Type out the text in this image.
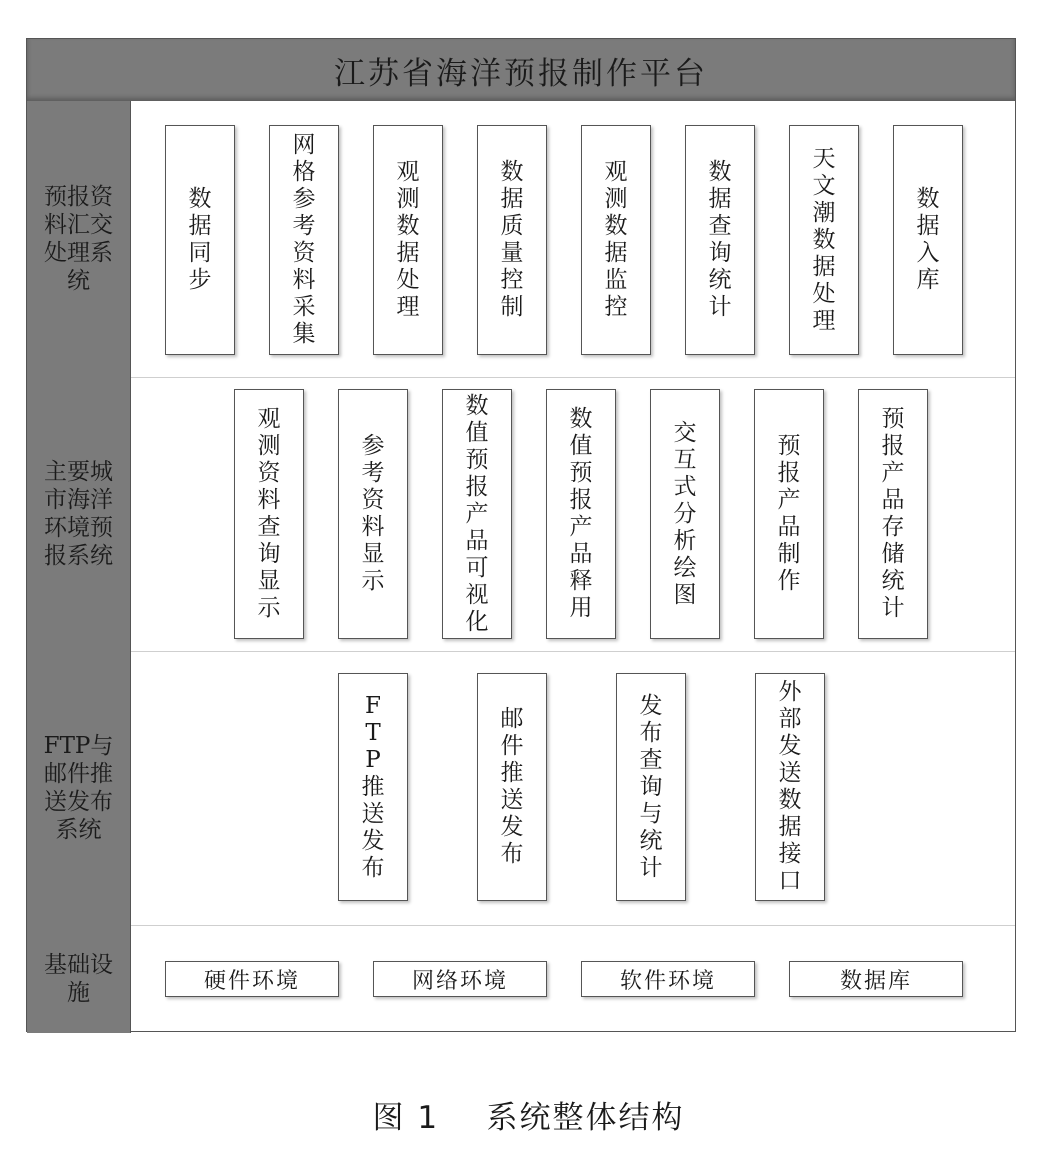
江苏省海洋预报制作平台
预报资料汇交处理系统
主要城市海洋环境预报系统
FTP与邮件推送发布系统
基础设施
数据同步
网格参考资料采集
观测数据处理
数据质量控制
观测数据监控
数据查询统计
天文潮数据处理
数据入库
观测资料查询显示
参考资料显示
数值预报产品可视化
数值预报产品释用
交互式分析绘图
预报产品制作
预报产品存储统计
FTP推送发布
邮件推送发布
发布查询与统计
外部发送数据接口
硬件环境	网络环境	软件环境	数据库
图 1    系统整体结构
